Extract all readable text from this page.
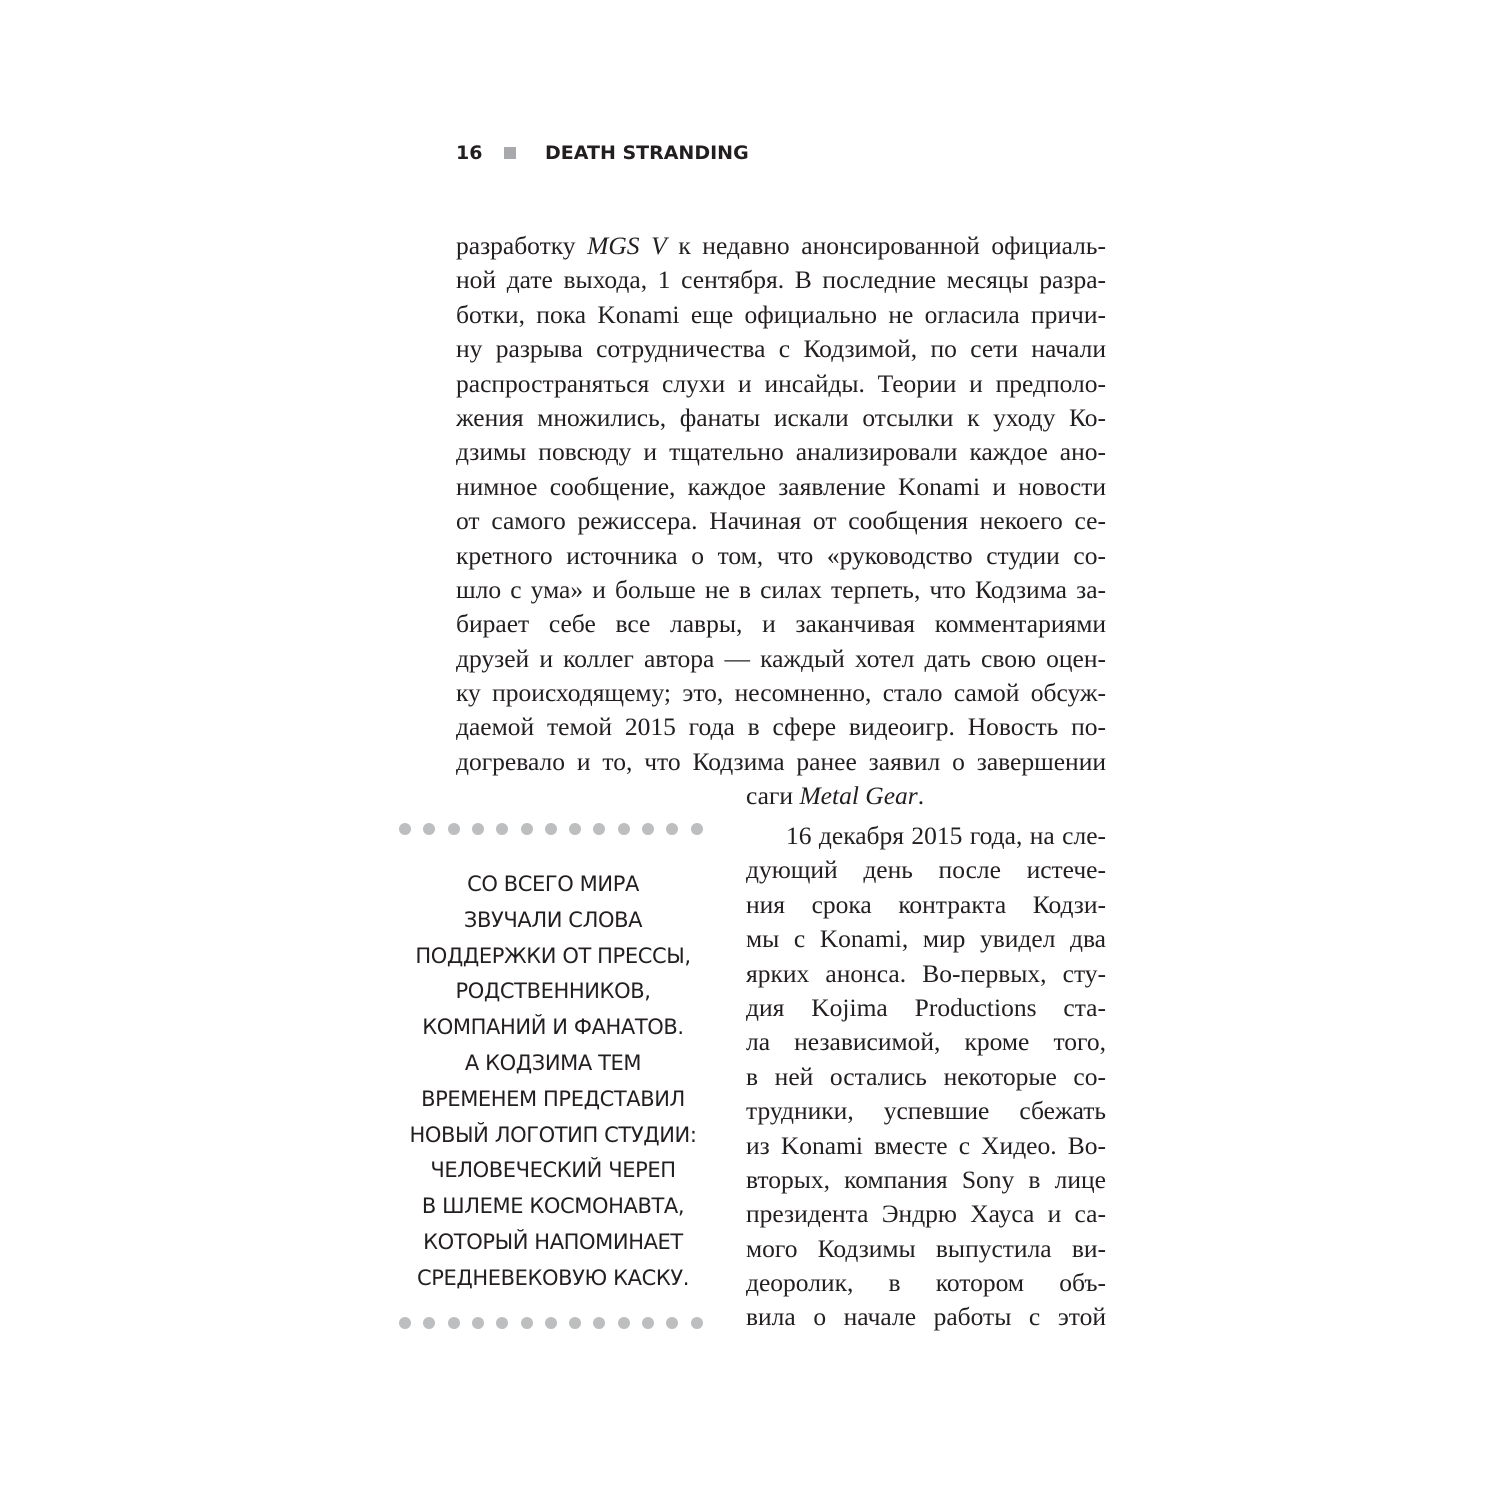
16	DEATH STRANDING
разработку MGS V к недавно анонсированной официаль-
ной дате выхода, 1 сентября. В последние месяцы разра-
ботки, пока Konami еще официально не огласила причи-
ну разрыва сотрудничества с Кодзимой, по сети начали
распространяться слухи и инсайды. Теории и предполо-
жения множились, фанаты искали отсылки к уходу Ко-
дзимы повсюду и тщательно анализировали каждое ано-
нимное сообщение, каждое заявление Konami и новости
от самого режиссера. Начиная от сообщения некоего се-
кретного источника о том, что «руководство студии со-
шло с ума» и больше не в силах терпеть, что Кодзима за-
бирает себе все лавры, и заканчивая комментариями
друзей и коллег автора — каждый хотел дать свою оцен-
ку происходящему; это, несомненно, стало самой обсуж-
даемой темой 2015 года в сфере видеоигр. Новость по-
догревало и то, что Кодзима ранее заявил о завершении
саги Metal Gear.
СО ВСЕГО МИРА
ЗВУЧАЛИ СЛОВА
ПОДДЕРЖКИ ОТ ПРЕССЫ,
РОДСТВЕННИКОВ,
КОМПАНИЙ И ФАНАТОВ.
А КОДЗИМА ТЕМ
ВРЕМЕНЕМ ПРЕДСТАВИЛ
НОВЫЙ ЛОГОТИП СТУДИИ:
ЧЕЛОВЕЧЕСКИЙ ЧЕРЕП
В ШЛЕМЕ КОСМОНАВТА,
КОТОРЫЙ НАПОМИНАЕТ
СРЕДНЕВЕКОВУЮ КАСКУ.
16 декабря 2015 года, на сле-
дующий день после истече-
ния срока контракта Кодзи-
мы с Konami, мир увидел два
ярких анонса. Во-первых, сту-
дия Kojima Productions ста-
ла независимой, кроме того,
в ней остались некоторые со-
трудники, успевшие сбежать
из Konami вместе с Хидео. Во-
вторых, компания Sony в лице
президента Эндрю Хауса и са-
мого Кодзимы выпустила ви-
деоролик, в котором объ-
вила о начале работы с этой
